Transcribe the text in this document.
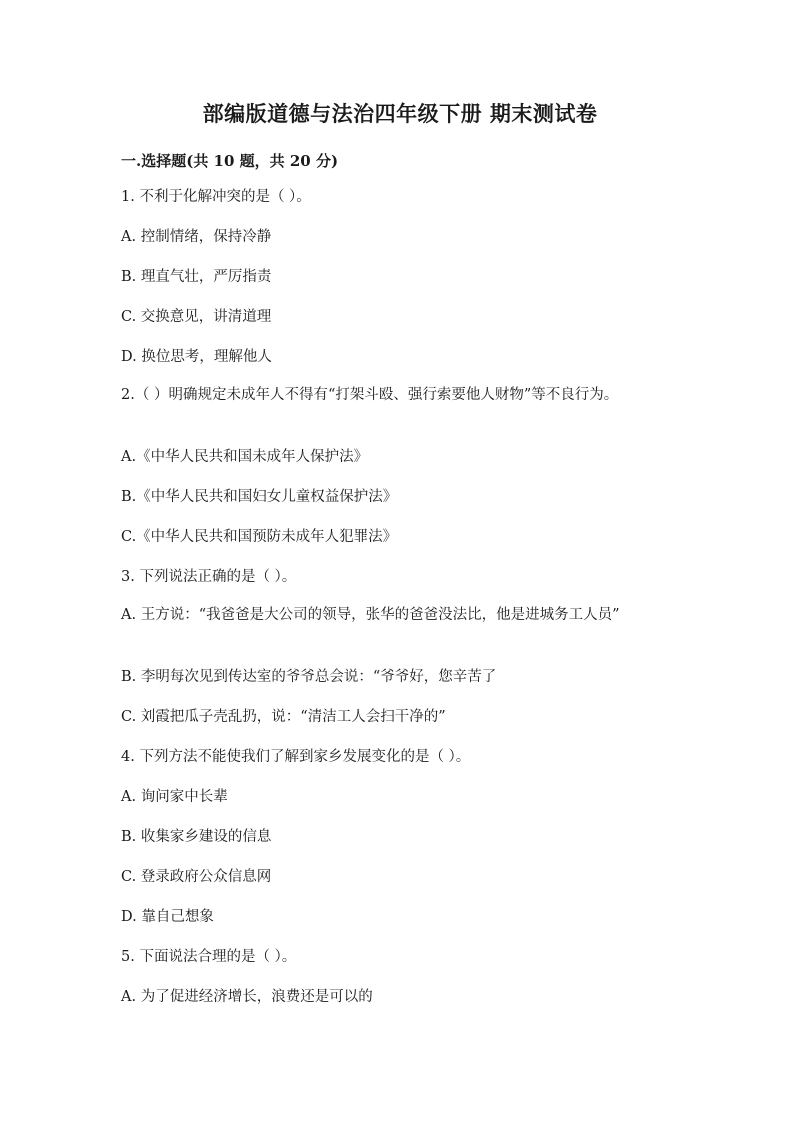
部编版道德与法治四年级下册 期末测试卷
一.选择题(共 10 题，共 20 分)
1. 不利于化解冲突的是（ ）。
A. 控制情绪，保持冷静
B. 理直气壮，严厉指责
C. 交换意见，讲清道理
D. 换位思考，理解他人
2.（ ）明确规定未成年人不得有“打架斗殴、强行索要他人财物”等不良行为。
A.《中华人民共和国未成年人保护法》
B.《中华人民共和国妇女儿童权益保护法》
C.《中华人民共和国预防未成年人犯罪法》
3. 下列说法正确的是（ ）。
A. 王方说：“我爸爸是大公司的领导，张华的爸爸没法比，他是进城务工人员”
B. 李明每次见到传达室的爷爷总会说：“爷爷好，您辛苦了
C. 刘霞把瓜子壳乱扔，说：“清洁工人会扫干净的”
4. 下列方法不能使我们了解到家乡发展变化的是（ ）。
A. 询问家中长辈
B. 收集家乡建设的信息
C. 登录政府公众信息网
D. 靠自己想象
5. 下面说法合理的是（ ）。
A. 为了促进经济增长，浪费还是可以的
